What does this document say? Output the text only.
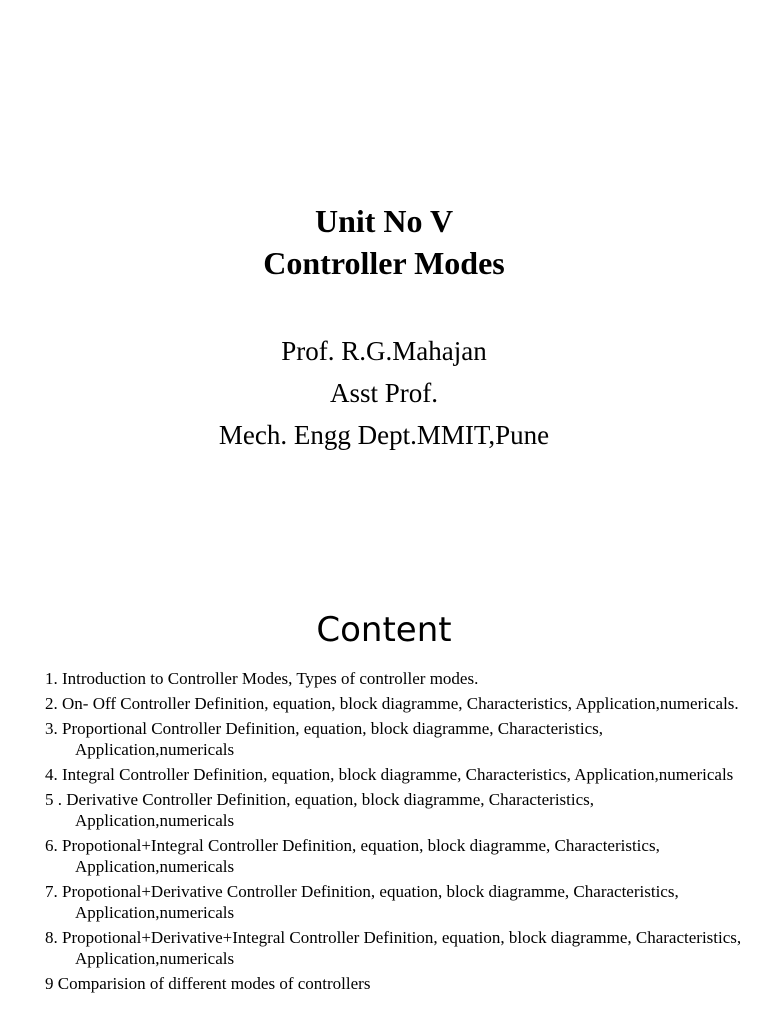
Unit No V
Controller Modes

Prof. R.G.Mahajan

Asst Prof.

Mech. Engg Dept.MMIT,Pune

Content
1. Introduction to Controller Modes, Types of controller modes.
2. On- Off Controller Definition, equation, block diagramme, Characteristics, Application,numericals.
3. Proportional Controller Definition, equation, block diagramme, Characteristics, Application,numericals
4. Integral Controller Definition, equation, block diagramme, Characteristics, Application,numericals
5 . Derivative Controller Definition, equation, block diagramme, Characteristics, Application,numericals
6. Propotional+Integral Controller Definition, equation, block diagramme, Characteristics, Application,numericals
7. Propotional+Derivative Controller Definition, equation, block diagramme, Characteristics, Application,numericals
8. Propotional+Derivative+Integral Controller Definition, equation, block diagramme, Characteristics, Application,numericals
9 Comparision of different modes of controllers
